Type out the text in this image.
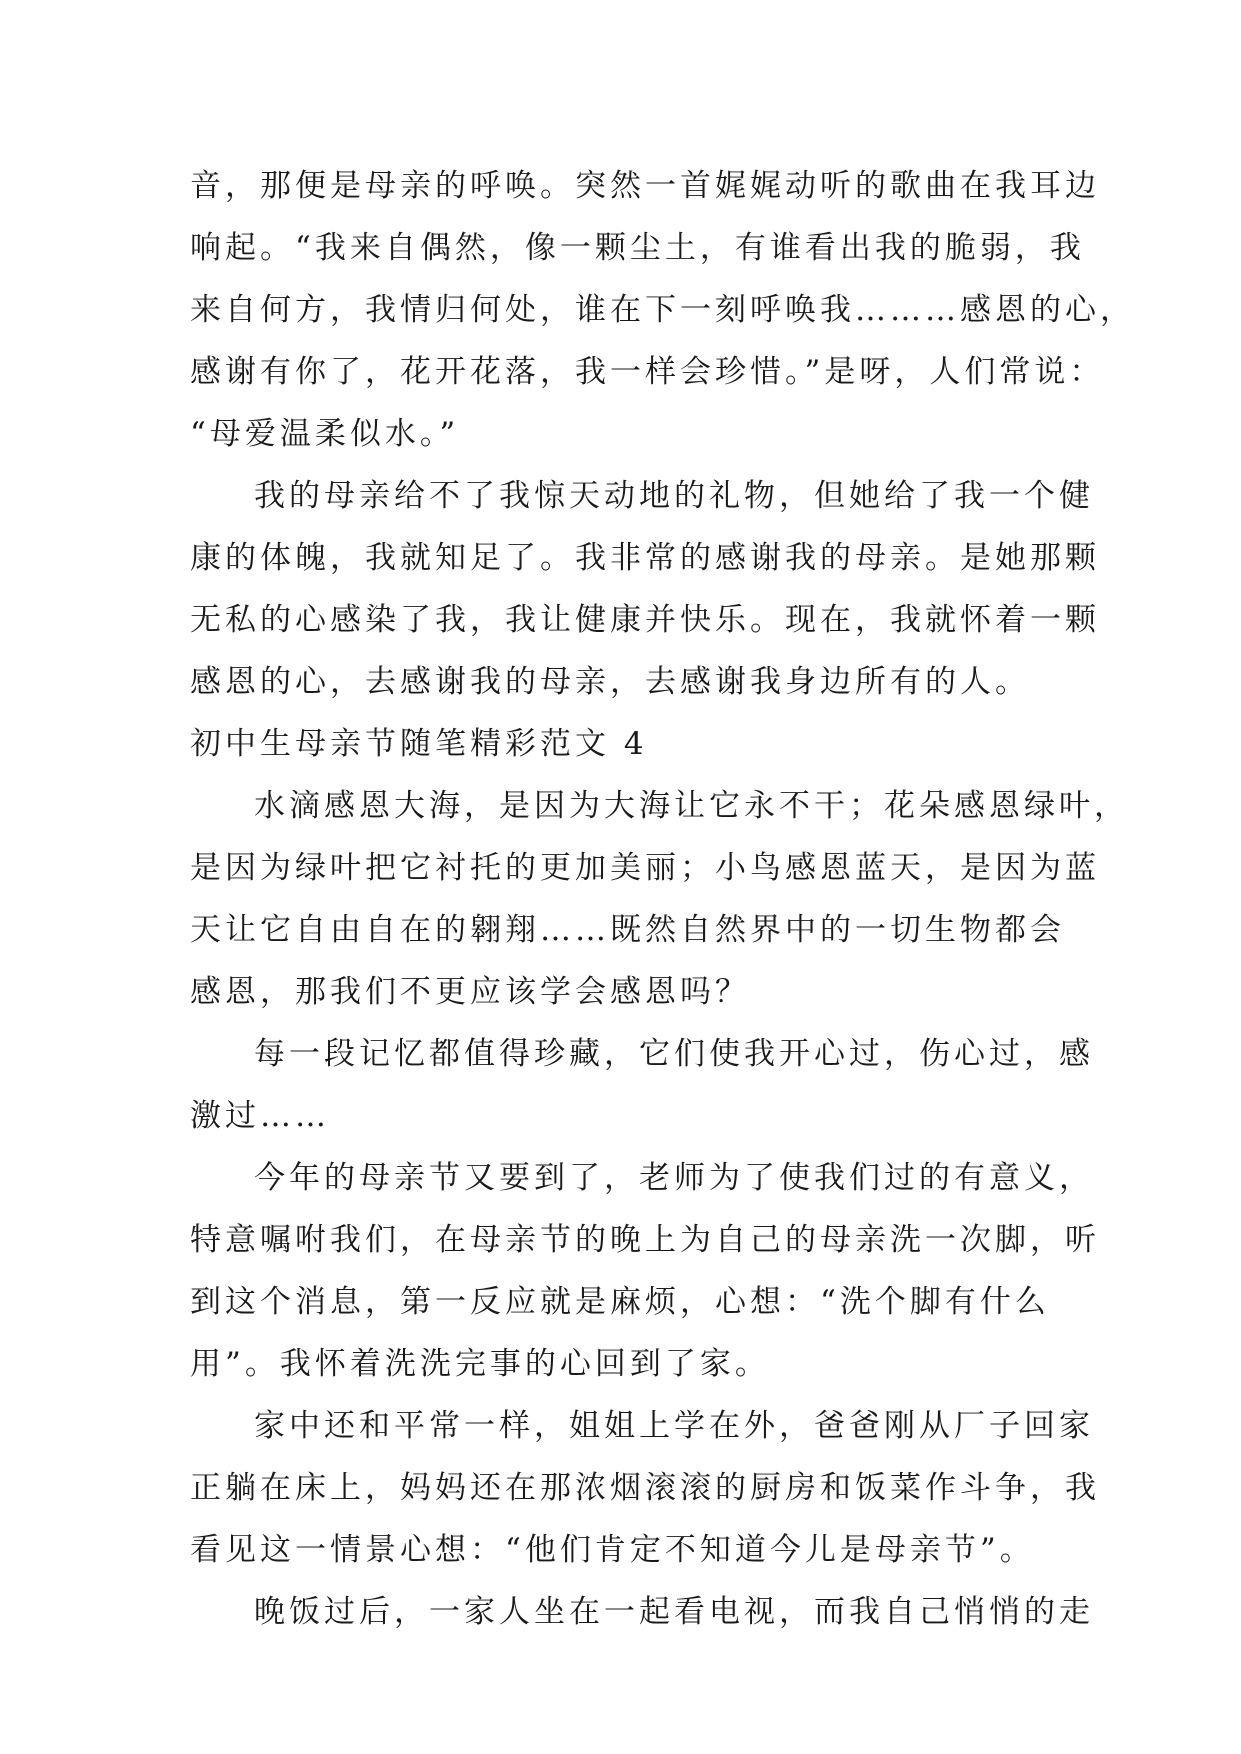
音，那便是母亲的呼唤。突然一首娓娓动听的歌曲在我耳边
响起。“我来自偶然，像一颗尘土，有谁看出我的脆弱，我
来自何方，我情归何处，谁在下一刻呼唤我………感恩的心，
感谢有你了，花开花落，我一样会珍惜。”是呀，人们常说：
“母爱温柔似水。”
我的母亲给不了我惊天动地的礼物，但她给了我一个健
康的体魄，我就知足了。我非常的感谢我的母亲。是她那颗
无私的心感染了我，我让健康并快乐。现在，我就怀着一颗
感恩的心，去感谢我的母亲，去感谢我身边所有的人。
初中生母亲节随笔精彩范文 4
水滴感恩大海，是因为大海让它永不干；花朵感恩绿叶，
是因为绿叶把它衬托的更加美丽；小鸟感恩蓝天，是因为蓝
天让它自由自在的翱翔……既然自然界中的一切生物都会
感恩，那我们不更应该学会感恩吗？
每一段记忆都值得珍藏，它们使我开心过，伤心过，感
激过……
今年的母亲节又要到了，老师为了使我们过的有意义，
特意嘱咐我们，在母亲节的晚上为自己的母亲洗一次脚，听
到这个消息，第一反应就是麻烦，心想：“洗个脚有什么
用”。我怀着洗洗完事的心回到了家。
家中还和平常一样，姐姐上学在外，爸爸刚从厂子回家
正躺在床上，妈妈还在那浓烟滚滚的厨房和饭菜作斗争，我
看见这一情景心想：“他们肯定不知道今儿是母亲节”。
晚饭过后，一家人坐在一起看电视，而我自己悄悄的走
